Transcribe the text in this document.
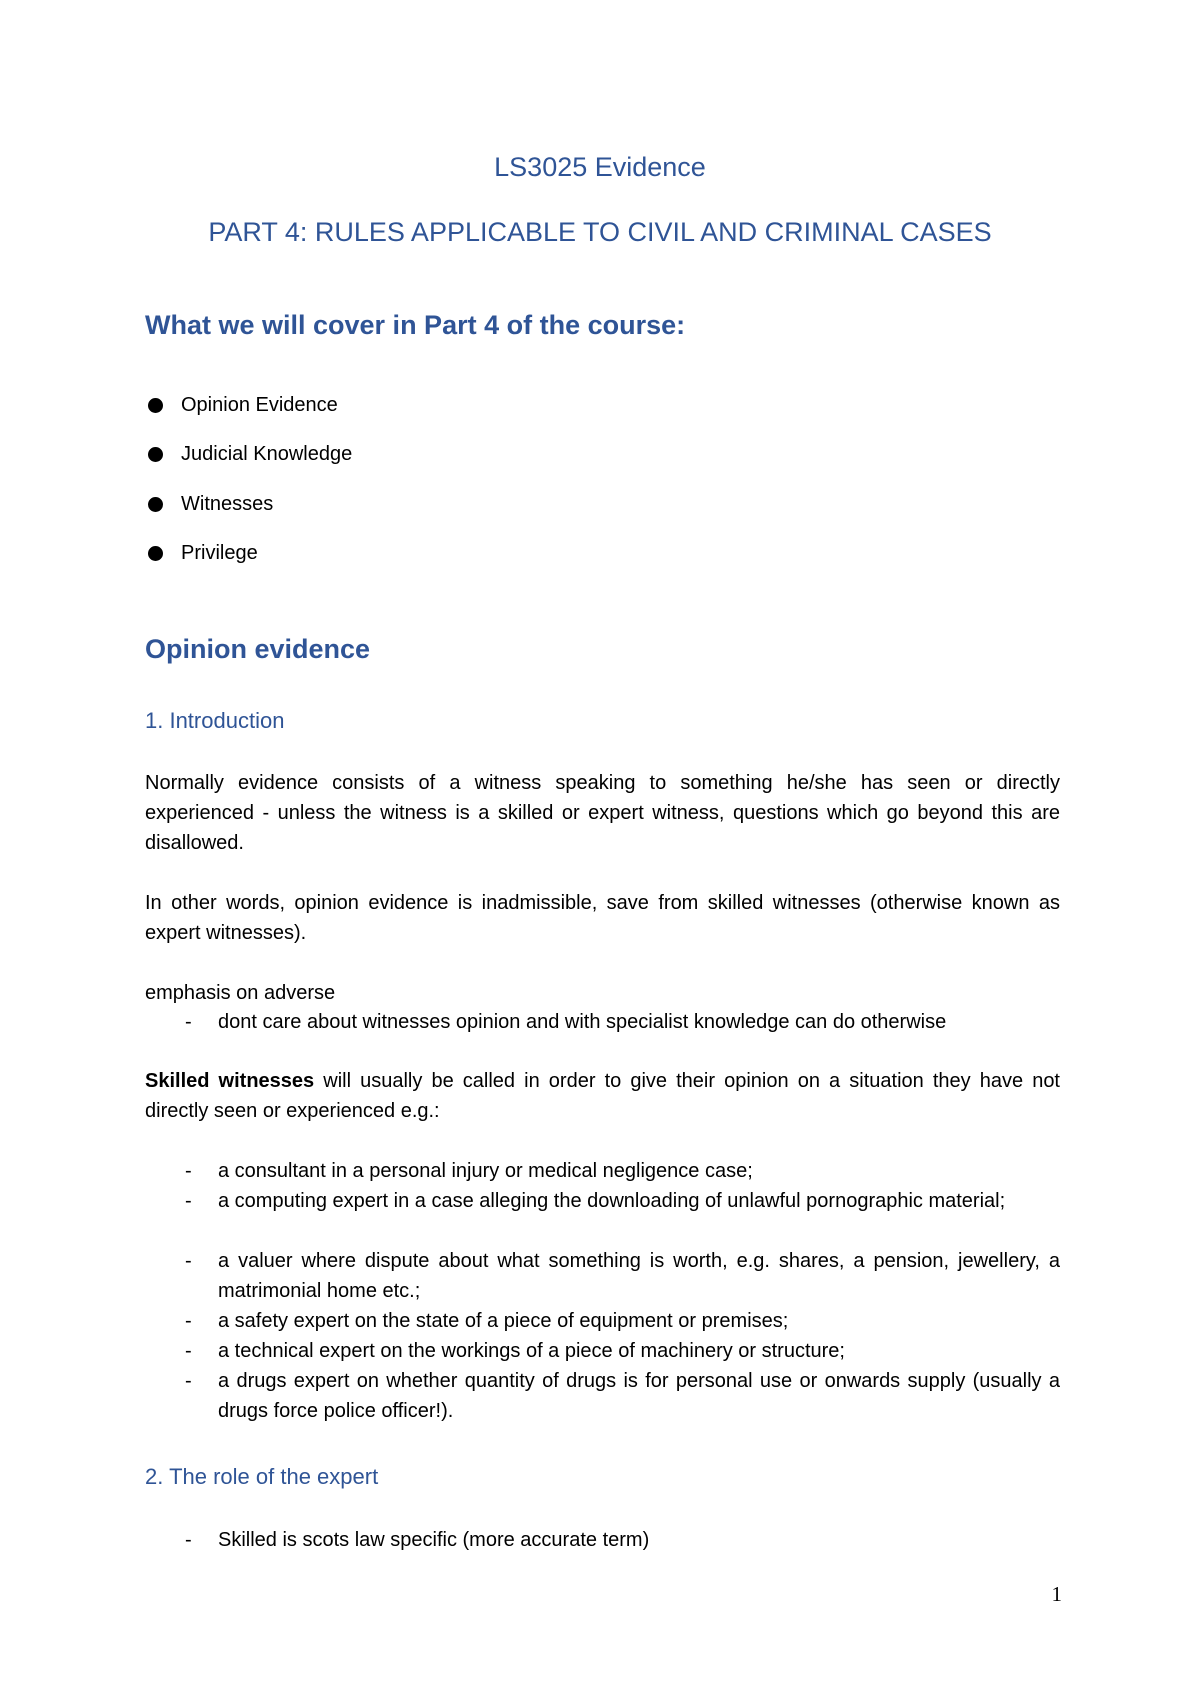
LS3025 Evidence
PART 4: RULES APPLICABLE TO CIVIL AND CRIMINAL CASES
What we will cover in Part 4 of the course:
Opinion Evidence
Judicial Knowledge
Witnesses
Privilege
Opinion evidence
1. Introduction
Normally evidence consists of a witness speaking to something he/she has seen or directly experienced - unless the witness is a skilled or expert witness, questions which go beyond this are disallowed.
In other words, opinion evidence is inadmissible, save from skilled witnesses (otherwise known as expert witnesses).
emphasis on adverse
- dont care about witnesses opinion and with specialist knowledge can do otherwise
Skilled witnesses will usually be called in order to give their opinion on a situation they have not directly seen or experienced e.g.:
- a consultant in a personal injury or medical negligence case;
- a computing expert in a case alleging the downloading of unlawful pornographic material;
- a valuer where dispute about what something is worth, e.g. shares, a pension, jewellery, a matrimonial home etc.;
- a safety expert on the state of a piece of equipment or premises;
- a technical expert on the workings of a piece of machinery or structure;
- a drugs expert on whether quantity of drugs is for personal use or onwards supply (usually a drugs force police officer!).
2. The role of the expert
- Skilled is scots law specific (more accurate term)
1
